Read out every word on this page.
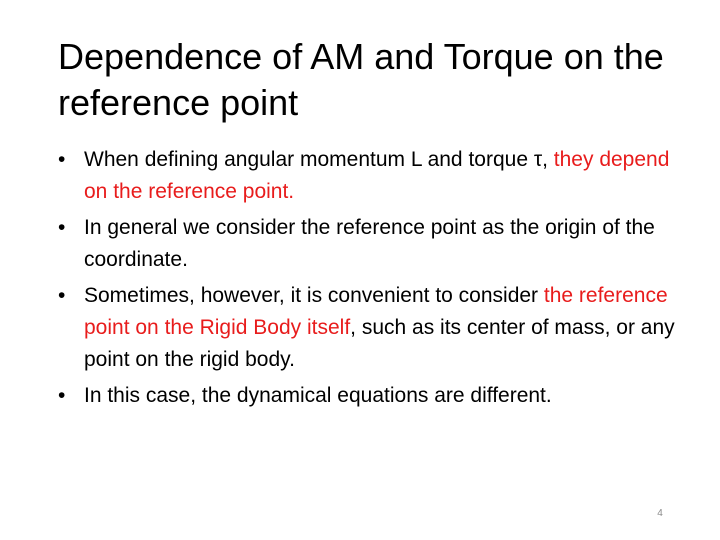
Dependence of AM and Torque on the reference point
• When defining angular momentum L and torque τ, they depend on the reference point.
• In general we consider the reference point as the origin of the coordinate.
• Sometimes, however, it is convenient to consider the reference point on the Rigid Body itself, such as its center of mass, or any point on the rigid body.
• In this case, the dynamical equations are different.
4
